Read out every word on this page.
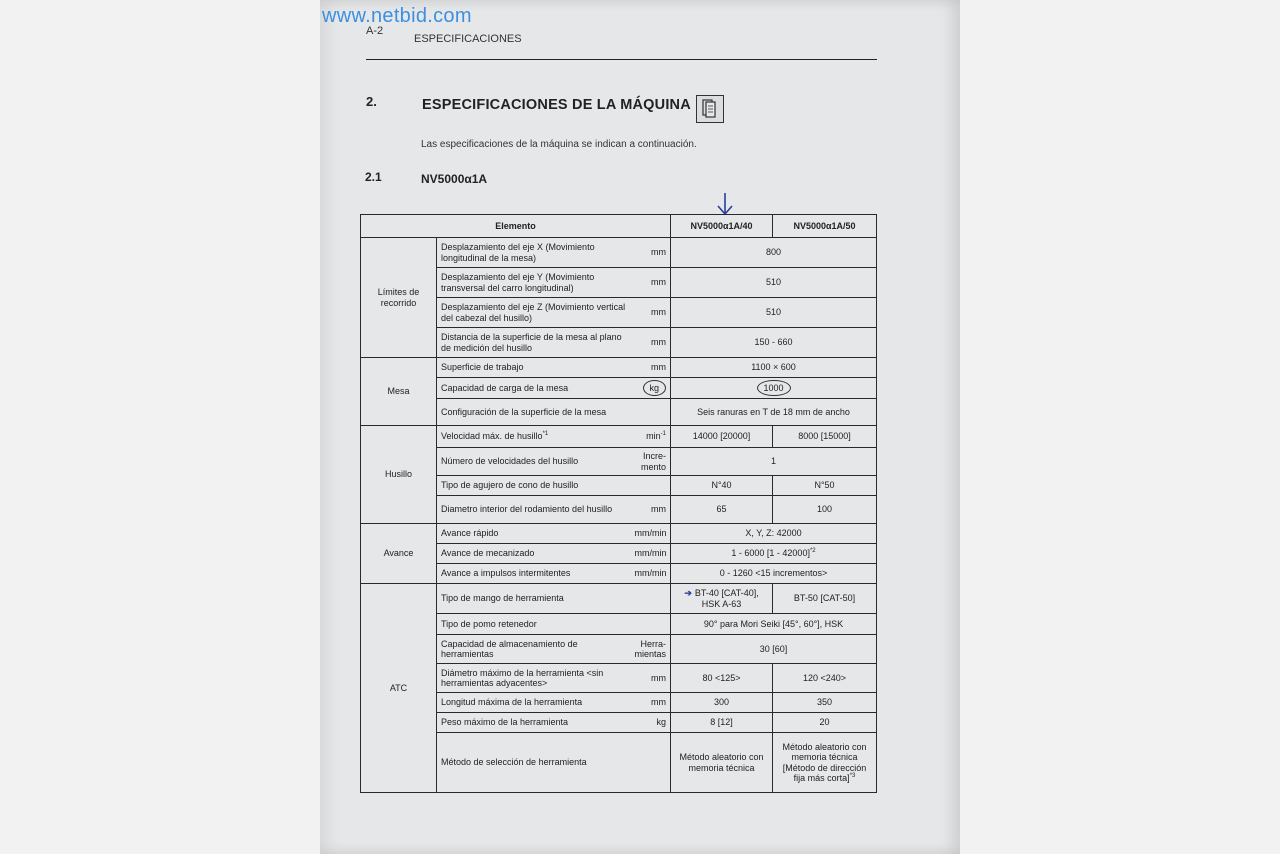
www.netbid.com
A-2
ESPECIFICACIONES
2.	ESPECIFICACIONES DE LA MÁQUINA
Las especificaciones de la máquina se indican a continuación.
2.1	NV5000α1A
Elemento			NV5000α1A/40	NV5000α1A/50
Límites de recorrido	Desplazamiento del eje X (Movimiento longitudinal de la mesa)	mm	800	
	Desplazamiento del eje Y (Movimiento transversal del carro longitudinal)	mm	510	
	Desplazamiento del eje Z (Movimiento vertical del cabezal del husillo)	mm	510	
	Distancia de la superficie de la mesa al plano de medición del husillo	mm	150 - 660	
Mesa	Superficie de trabajo	mm	1100 × 600	
	Capacidad de carga de la mesa	kg	1000	
	Configuración de la superficie de la mesa		Seis ranuras en T de 18 mm de ancho	
Husillo	Velocidad máx. de husillo$^{*1}$	$\min^{-1}$	14000 [20000]	8000 [15000]
	Número de velocidades del husillo	Incre-mento	1	
	Tipo de agujero de cono de husillo		N°40	N°50
	Diametro interior del rodamiento del husillo	mm	65	100
Avance	Avance rápido	mm/min	X, Y, Z: 42000	
	Avance de mecanizado	mm/min	1 - 6000 [1 - 42000]$^{*2}$
	Avance a impulsos intermitentes	mm/min	0 - 1260 <15 incrementos>	
ATC	Tipo de mango de herramienta		➔ BT-40 [CAT-40], HSK A-63	BT-50 [CAT-50]
	Tipo de pomo retenedor		90° para Mori Seiki [45°, 60°], HSK	
	Capacidad de almacenamiento de herramientas	Herra-mientas	30 [60]	
	Diámetro máximo de la herramienta <sin herramientas adyacentes>	mm	80 <125>	120 <240>
	Longitud máxima de la herramienta	mm	300	350
	Peso máximo de la herramienta	kg	8 [12]	20
	Método de selección de herramienta		Método aleatorio con memoria técnica	Método aleatorio con memoria técnica [Método de dirección fija más corta]$^{*3}$
